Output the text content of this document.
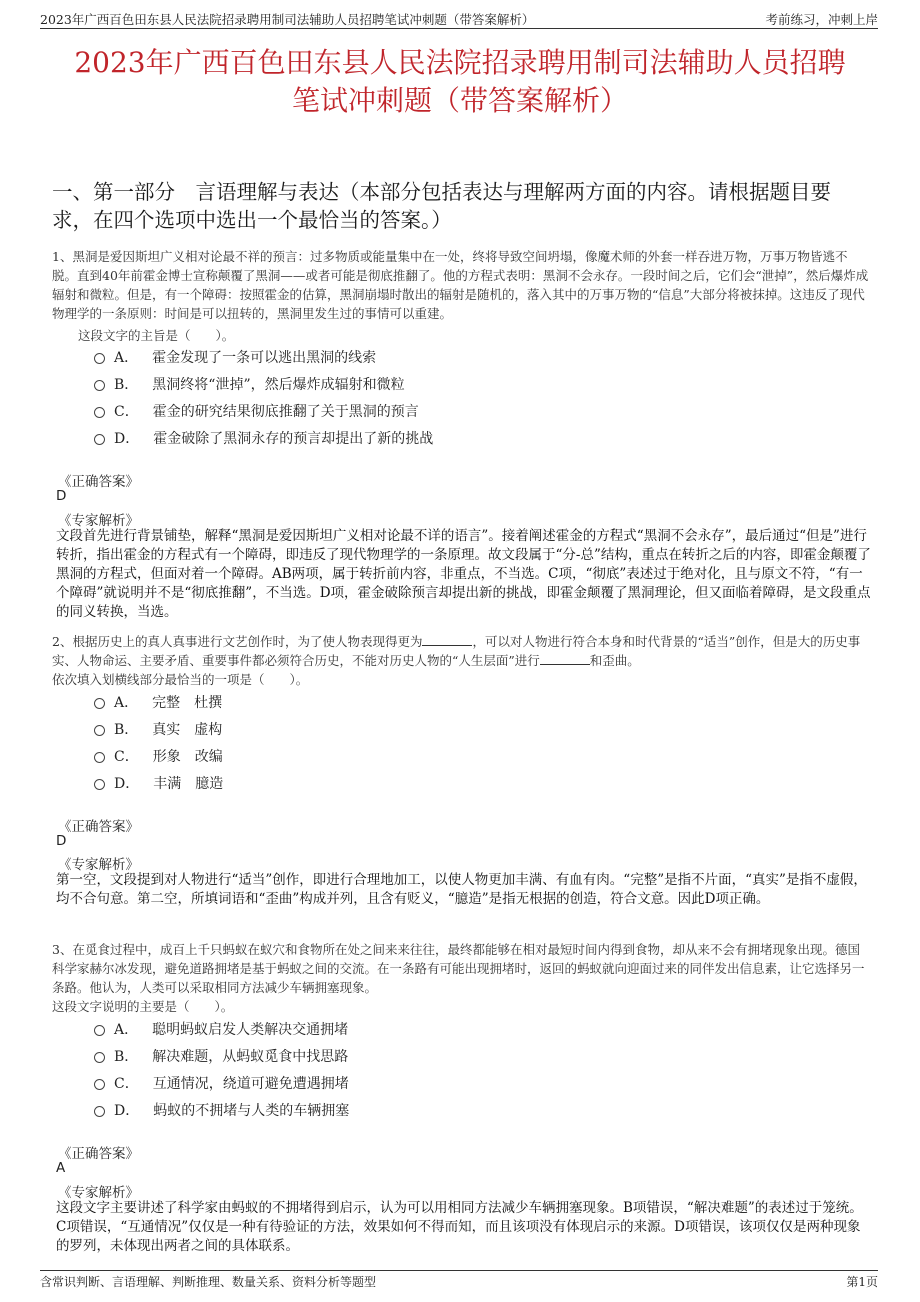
2023年广西百色田东县人民法院招录聘用制司法辅助人员招聘笔试冲刺题（带答案解析）	考前练习，冲刺上岸
2023年广西百色田东县人民法院招录聘用制司法辅助人员招聘
笔试冲刺题（带答案解析）
一、第一部分　言语理解与表达（本部分包括表达与理解两方面的内容。请根据题目要求，在四个选项中选出一个最恰当的答案。）
1、黑洞是爱因斯坦广义相对论最不祥的预言：过多物质或能量集中在一处，终将导致空间坍塌，像魔术师的外套一样吞进万物，万事万物皆逃不脱。直到40年前霍金博士宣称颠覆了黑洞——或者可能是彻底推翻了。他的方程式表明：黑洞不会永存。一段时间之后，它们会“泄掉”，然后爆炸成辐射和微粒。但是，有一个障碍：按照霍金的估算，黑洞崩塌时散出的辐射是随机的，落入其中的万事万物的“信息”大部分将被抹掉。这违反了现代物理学的一条原则：时间是可以扭转的，黑洞里发生过的事情可以重建。
这段文字的主旨是（　　）。
A． 霍金发现了一条可以逃出黑洞的线索
B． 黑洞终将“泄掉”，然后爆炸成辐射和微粒
C． 霍金的研究结果彻底推翻了关于黑洞的预言
D． 霍金破除了黑洞永存的预言却提出了新的挑战
《正确答案》
D
《专家解析》
文段首先进行背景铺垫，解释“黑洞是爱因斯坦广义相对论最不详的语言”。接着阐述霍金的方程式“黑洞不会永存”，最后通过“但是”进行转折，指出霍金的方程式有一个障碍，即违反了现代物理学的一条原理。故文段属于“分-总”结构，重点在转折之后的内容，即霍金颠覆了黑洞的方程式，但面对着一个障碍。AB两项，属于转折前内容，非重点，不当选。C项，“彻底”表述过于绝对化，且与原文不符，“有一个障碍”就说明并不是“彻底推翻”，不当选。D项，霍金破除预言却提出新的挑战，即霍金颠覆了黑洞理论，但又面临着障碍，是文段重点的同义转换，当选。
2、根据历史上的真人真事进行文艺创作时，为了使人物表现得更为	，可以对人物进行符合本身和时代背景的“适当”创作，但是大的历史事实、人物命运、主要矛盾、重要事件都必须符合历史，不能对历史人物的“人生层面”进行	和歪曲。
依次填入划横线部分最恰当的一项是（　　）。
A． 完整　杜撰
B． 真实　虚构
C． 形象　改编
D． 丰满　臆造
《正确答案》
D
《专家解析》
第一空，文段提到对人物进行“适当”创作，即进行合理地加工，以使人物更加丰满、有血有肉。“完整”是指不片面，“真实”是指不虚假，均不合句意。第二空，所填词语和“歪曲”构成并列，且含有贬义，“臆造”是指无根据的创造，符合文意。因此D项正确。
3、在觅食过程中，成百上千只蚂蚁在蚁穴和食物所在处之间来来往往，最终都能够在相对最短时间内得到食物，却从来不会有拥堵现象出现。德国科学家赫尔冰发现，避免道路拥堵是基于蚂蚁之间的交流。在一条路有可能出现拥堵时，返回的蚂蚁就向迎面过来的同伴发出信息素，让它选择另一条路。他认为，人类可以采取相同方法减少车辆拥塞现象。
这段文字说明的主要是（　　）。
A． 聪明蚂蚁启发人类解决交通拥堵
B． 解决难题，从蚂蚁觅食中找思路
C． 互通情况，绕道可避免遭遇拥堵
D． 蚂蚁的不拥堵与人类的车辆拥塞
《正确答案》
A
《专家解析》
这段文字主要讲述了科学家由蚂蚁的不拥堵得到启示，认为可以用相同方法减少车辆拥塞现象。B项错误，“解决难题”的表述过于笼统。C项错误，“互通情况”仅仅是一种有待验证的方法，效果如何不得而知，而且该项没有体现启示的来源。D项错误，该项仅仅是两种现象的罗列，未体现出两者之间的具体联系。
含常识判断、言语理解、判断推理、数量关系、资料分析等题型	第1页
